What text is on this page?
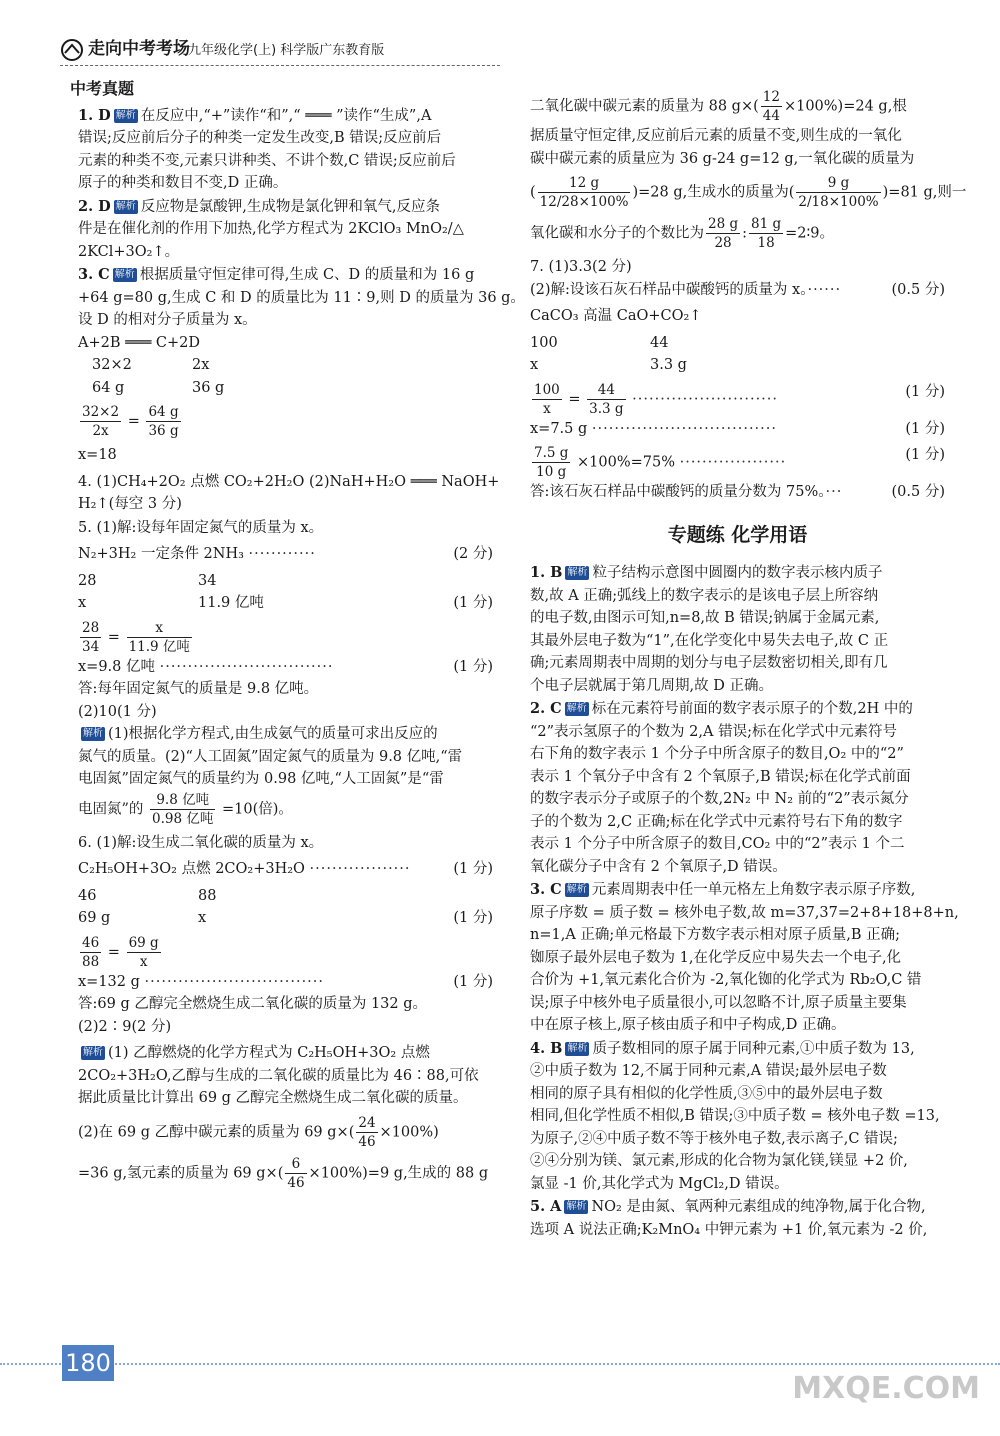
走向中考考场
九年级化学(上) 科学版广东教育版
中考真题
1. D 解析 在反应中,“+”读作“和”,“ ═══ ”读作“生成”,A
错误;反应前后分子的种类一定发生改变,B 错误;反应前后
元素的种类不变,元素只讲种类、不讲个数,C 错误;反应前后
原子的种类和数目不变,D 正确。
2. D 解析 反应物是氯酸钾,生成物是氯化钾和氧气,反应条
件是在催化剂的作用下加热,化学方程式为 2KClO₃ MnO₂/△
2KCl+3O₂↑。
3. C 解析 根据质量守恒定律可得,生成 C、D 的质量和为 16 g
+64 g=80 g,生成 C 和 D 的质量比为 11∶9,则 D 的质量为 36 g。
设 D 的相对分子质量为 x。
A+2B ═══ C+2D
32×2	2x
64 g	36 g
$\frac{32\times 2}{2x} = \frac{64 g}{36 g}$
x=18
4. (1)CH₄+2O₂ 点燃 CO₂+2H₂O (2)NaH+H₂O ═══ NaOH+
H₂↑(每空 3 分)
5. (1)解:设每年固定氮气的质量为 x。
N₂+3H₂ 一定条件 2NH₃ ············	(2 分)
28	34
x	11.9 亿吨	(1 分)
$\frac{28}{34} = \frac{x}{\text{11.9 亿吨}}$
x=9.8 亿吨 ·······························	(1 分)
答:每年固定氮气的质量是 9.8 亿吨。
(2)10(1 分)
解析 (1)根据化学方程式,由生成氨气的质量可求出反应的
氮气的质量。(2)“人工固氮”固定氮气的质量为 9.8 亿吨,“雷
电固氮”固定氮气的质量约为 0.98 亿吨,“人工固氮”是“雷
电固氮”的 $\frac{\text{9.8 亿吨}}{\text{0.98 亿吨}} =10$(倍)。
6. (1)解:设生成二氧化碳的质量为 x。
C₂H₅OH+3O₂ 点燃 2CO₂+3H₂O ··················	(1 分)
46	88
69 g	x	(1 分)
$\frac{46}{88} = \frac{69 g}{x}$
x=132 g ································	(1 分)
答:69 g 乙醇完全燃烧生成二氧化碳的质量为 132 g。
(2)2∶9(2 分)
解析 (1) 乙醇燃烧的化学方程式为 C₂H₅OH+3O₂ 点燃
2CO₂+3H₂O,乙醇与生成的二氧化碳的质量比为 46∶88,可依
据此质量比计算出 69 g 乙醇完全燃烧生成二氧化碳的质量。
(2)在 69 g 乙醇中碳元素的质量为 69 $g\times( \frac{24}{46} \times 100\%)$
=36 g,氢元素的质量为 69 $g\times( \frac{6}{46} \times 100\%)=9$ g,生成的 88 g
二氧化碳中碳元素的质量为 88 $g\times( \frac{12}{44} \times 100\%)=24$ g,根
据质量守恒定律,反应前后元素的质量不变,则生成的一氧化
碳中碳元素的质量应为 36 g-24 g=12 g,一氧化碳的质量为
( $\frac{12 g}{12/28\times 100\%} )=28$ g,生成水的质量为( $\frac{9 g}{2/18\times 100\%} )=81$ g,则一
氧化碳和水分子的个数比为 $\frac{28 g}{28}$ : $\frac{81 g}{18}$ =2∶9。
7. (1)3.3(2 分)
(2)解:设该石灰石样品中碳酸钙的质量为 x。······	(0.5 分)
CaCO₃ 高温 CaO+CO₂↑
100	44
x	3.3 g
$\frac{100}{x} = \frac{44}{3.3 g}$ ··························	(1 分)
x=7.5 g ·································	(1 分)
$\frac{7.5 g}{10 g} \times 100\%=75\%$ ···················	(1 分)
答:该石灰石样品中碳酸钙的质量分数为 75%。···	(0.5 分)
专题练 化学用语
1. B 解析 粒子结构示意图中圆圈内的数字表示核内质子
数,故 A 正确;弧线上的数字表示的是该电子层上所容纳
的电子数,由图示可知,n=8,故 B 错误;钠属于金属元素,
其最外层电子数为“1”,在化学变化中易失去电子,故 C 正
确;元素周期表中周期的划分与电子层数密切相关,即有几
个电子层就属于第几周期,故 D 正确。
2. C 解析 标在元素符号前面的数字表示原子的个数,2H 中的
“2”表示氢原子的个数为 2,A 错误;标在化学式中元素符号
右下角的数字表示 1 个分子中所含原子的数目,O₂ 中的“2”
表示 1 个氧分子中含有 2 个氧原子,B 错误;标在化学式前面
的数字表示分子或原子的个数,2N₂ 中 N₂ 前的“2”表示氮分
子的个数为 2,C 正确;标在化学式中元素符号右下角的数字
表示 1 个分子中所含原子的数目,CO₂ 中的“2”表示 1 个二
氧化碳分子中含有 2 个氧原子,D 错误。
3. C 解析 元素周期表中任一单元格左上角数字表示原子序数,
原子序数 = 质子数 = 核外电子数,故 m=37,37=2+8+18+8+n,
n=1,A 正确;单元格最下方数字表示相对原子质量,B 正确;
铷原子最外层电子数为 1,在化学反应中易失去一个电子,化
合价为 +1,氧元素化合价为 -2,氧化铷的化学式为 Rb₂O,C 错
误;原子中核外电子质量很小,可以忽略不计,原子质量主要集
中在原子核上,原子核由质子和中子构成,D 正确。
4. B 解析 质子数相同的原子属于同种元素,①中质子数为 13,
②中质子数为 12,不属于同种元素,A 错误;最外层电子数
相同的原子具有相似的化学性质,③⑤中的最外层电子数
相同,但化学性质不相似,B 错误;③中质子数 = 核外电子数 =13,
为原子,②④中质子数不等于核外电子数,表示离子,C 错误;
②④分别为镁、氯元素,形成的化合物为氯化镁,镁显 +2 价,
氯显 -1 价,其化学式为 MgCl₂,D 错误。
5. A 解析 NO₂ 是由氮、氧两种元素组成的纯净物,属于化合物,
选项 A 说法正确;K₂MnO₄ 中钾元素为 +1 价,氧元素为 -2 价,
180
MXQE.COM
